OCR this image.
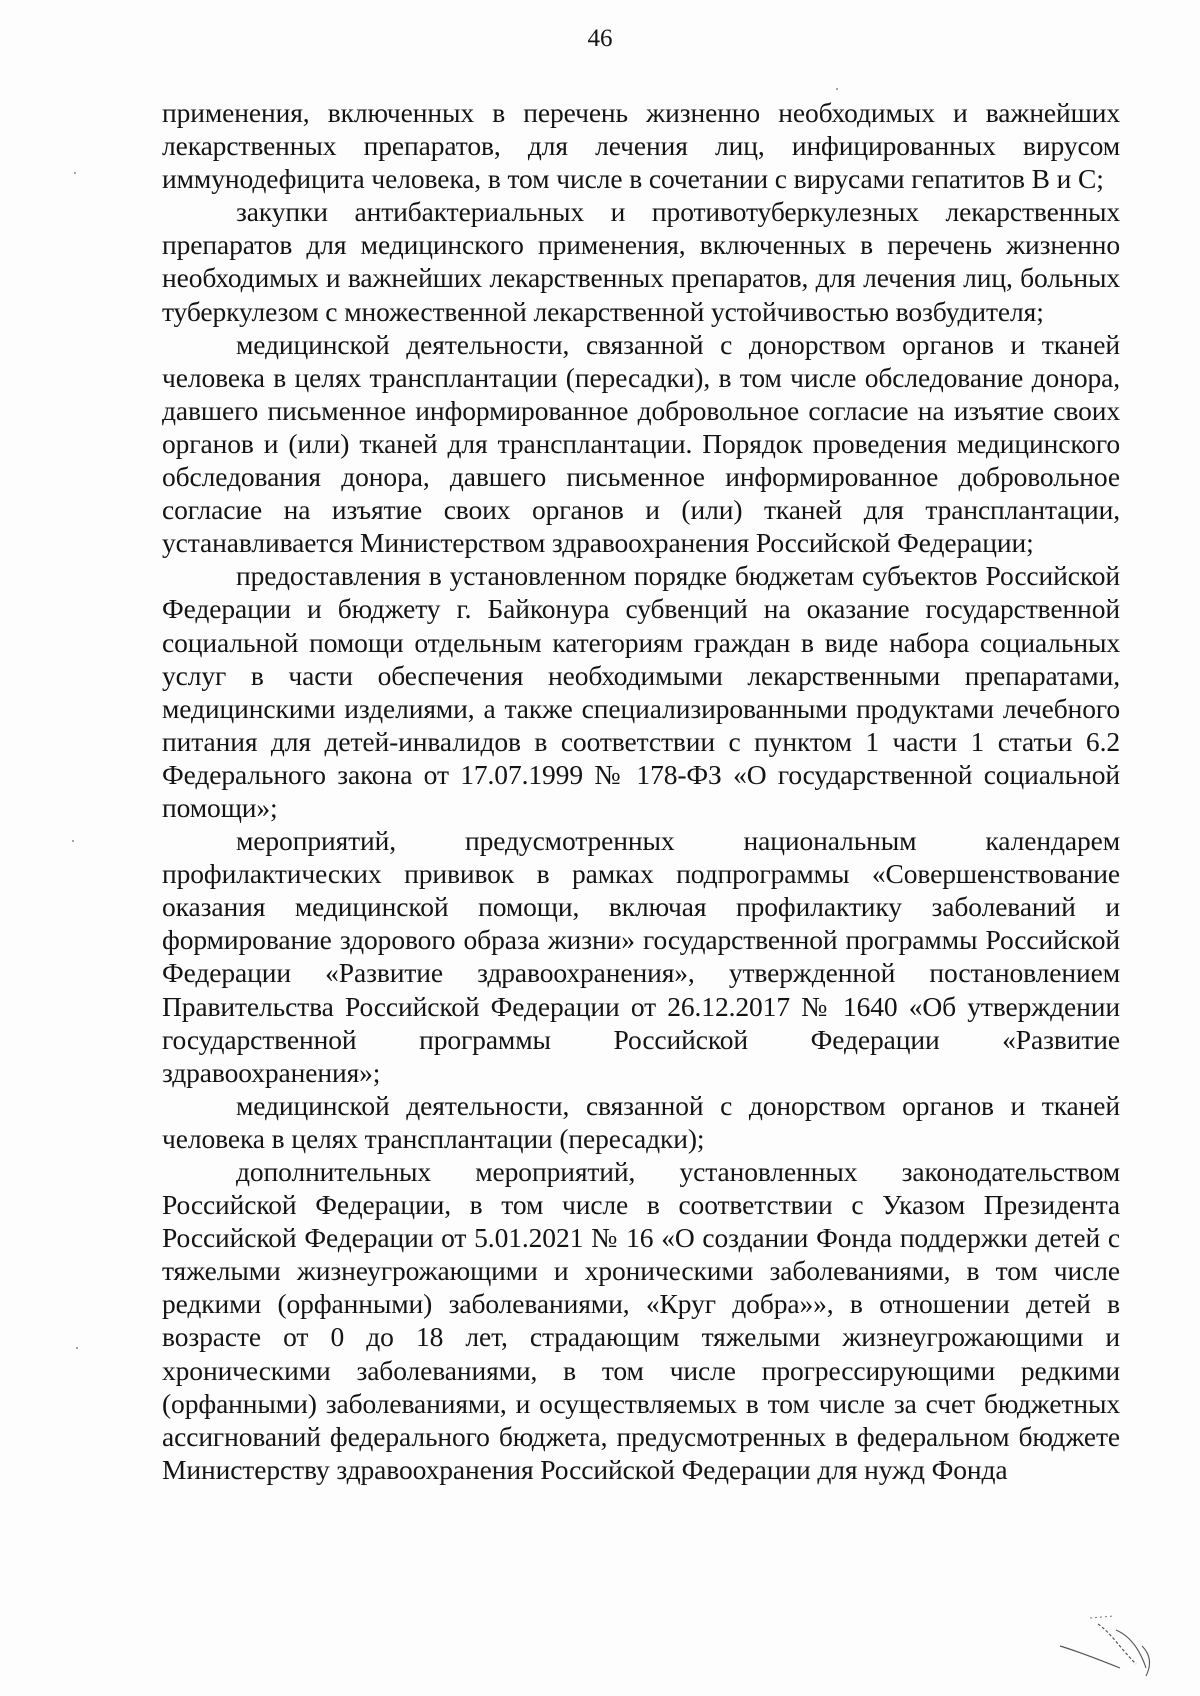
46

применения, включенных в перечень жизненно необходимых и важнейших лекарственных препаратов, для лечения лиц, инфицированных вирусом иммунодефицита человека, в том числе в сочетании с вирусами гепатитов В и С;

закупки антибактериальных и противотуберкулезных лекарственных препаратов для медицинского применения, включенных в перечень жизненно необходимых и важнейших лекарственных препаратов, для лечения лиц, больных туберкулезом с множественной лекарственной устойчивостью возбудителя;

медицинской деятельности, связанной с донорством органов и тканей человека в целях трансплантации (пересадки), в том числе обследование донора, давшего письменное информированное добровольное согласие на изъятие своих органов и (или) тканей для трансплантации. Порядок проведения медицинского обследования донора, давшего письменное информированное добровольное согласие на изъятие своих органов и (или) тканей для трансплантации, устанавливается Министерством здравоохранения Российской Федерации;

предоставления в установленном порядке бюджетам субъектов Российской Федерации и бюджету г. Байконура субвенций на оказание государственной социальной помощи отдельным категориям граждан в виде набора социальных услуг в части обеспечения необходимыми лекарственными препаратами, медицинскими изделиями, а также специализированными продуктами лечебного питания для детей-инвалидов в соответствии с пунктом 1 части 1 статьи 6.2 Федерального закона от 17.07.1999 № 178-ФЗ «О государственной социальной помощи»;

мероприятий, предусмотренных национальным календарем профилактических прививок в рамках подпрограммы «Совершенствование оказания медицинской помощи, включая профилактику заболеваний и формирование здорового образа жизни» государственной программы Российской Федерации «Развитие здравоохранения», утвержденной постановлением Правительства Российской Федерации от 26.12.2017 № 1640 «Об утверждении государственной программы Российской Федерации «Развитие здравоохранения»;

медицинской деятельности, связанной с донорством органов и тканей человека в целях трансплантации (пересадки);

дополнительных мероприятий, установленных законодательством Российской Федерации, в том числе в соответствии с Указом Президента Российской Федерации от 5.01.2021 № 16 «О создании Фонда поддержки детей с тяжелыми жизнеугрожающими и хроническими заболеваниями, в том числе редкими (орфанными) заболеваниями, «Круг добра»», в отношении детей в возрасте от 0 до 18 лет, страдающим тяжелыми жизнеугрожающими и хроническими заболеваниями, в том числе прогрессирующими редкими (орфанными) заболеваниями, и осуществляемых в том числе за счет бюджетных ассигнований федерального бюджета, предусмотренных в федеральном бюджете Министерству здравоохранения Российской Федерации для нужд Фонда
